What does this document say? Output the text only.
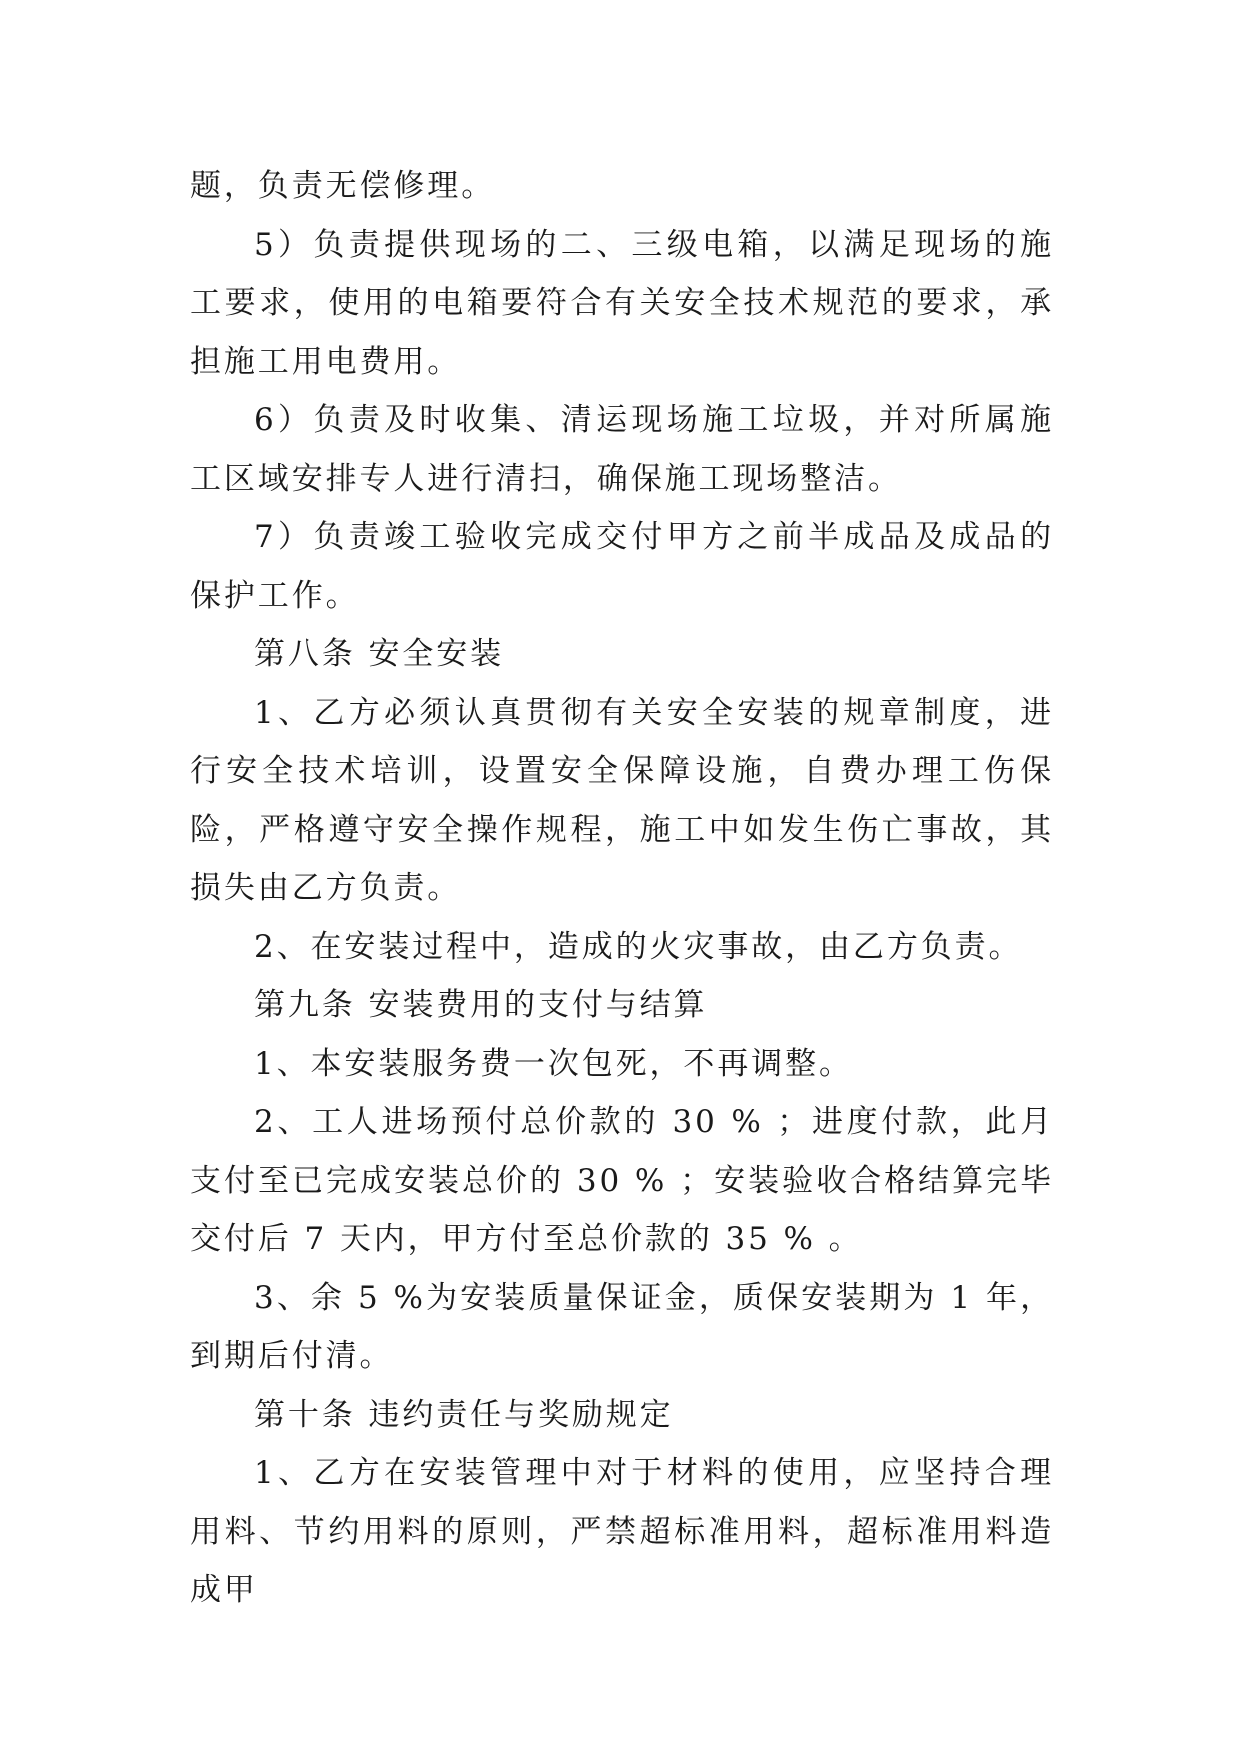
题，负责无偿修理。

5）负责提供现场的二、三级电箱，以满足现场的施工要求，使用的电箱要符合有关安全技术规范的要求，承担施工用电费用。

6）负责及时收集、清运现场施工垃圾，并对所属施工区域安排专人进行清扫，确保施工现场整洁。

7）负责竣工验收完成交付甲方之前半成品及成品的保护工作。

第八条 安全安装

1、乙方必须认真贯彻有关安全安装的规章制度，进行安全技术培训，设置安全保障设施，自费办理工伤保险，严格遵守安全操作规程，施工中如发生伤亡事故，其损失由乙方负责。

2、在安装过程中，造成的火灾事故，由乙方负责。

第九条 安装费用的支付与结算

1、本安装服务费一次包死，不再调整。

2、工人进场预付总价款的 30 % ；进度付款，此月支付至已完成安装总价的 30 % ；安装验收合格结算完毕交付后 7 天内，甲方付至总价款的 35 % 。

3、余 5 %为安装质量保证金，质保安装期为 1 年，到期后付清。

第十条 违约责任与奖励规定

1、乙方在安装管理中对于材料的使用，应坚持合理用料、节约用料的原则，严禁超标准用料，超标准用料造成甲
